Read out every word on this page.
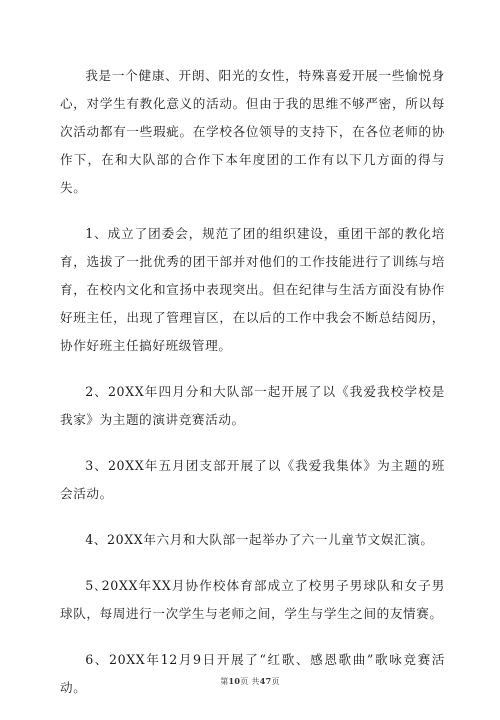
我是一个健康、开朗、阳光的女性，特殊喜爱开展一些愉悦身心，对学生有教化意义的活动。但由于我的思维不够严密，所以每次活动都有一些瑕疵。在学校各位领导的支持下，在各位老师的协作下，在和大队部的合作下本年度团的工作有以下几方面的得与失。

1、成立了团委会，规范了团的组织建设，重团干部的教化培育，选拔了一批优秀的团干部并对他们的工作技能进行了训练与培育，在校内文化和宣扬中表现突出。但在纪律与生活方面没有协作好班主任，出现了管理盲区，在以后的工作中我会不断总结阅历，协作好班主任搞好班级管理。

2、20XX年四月分和大队部一起开展了以《我爱我校学校是我家》为主题的演讲竞赛活动。

3、20XX年五月团支部开展了以《我爱我集体》为主题的班会活动。

4、20XX年六月和大队部一起举办了六一儿童节文娱汇演。

5､20XX年XX月协作校体育部成立了校男子男球队和女子男球队，每周进行一次学生与老师之间，学生与学生之间的友情赛。

6、20XX年12月9日开展了“红歌、感恩歌曲”歌咏竞赛活动。	第10页 共47页
